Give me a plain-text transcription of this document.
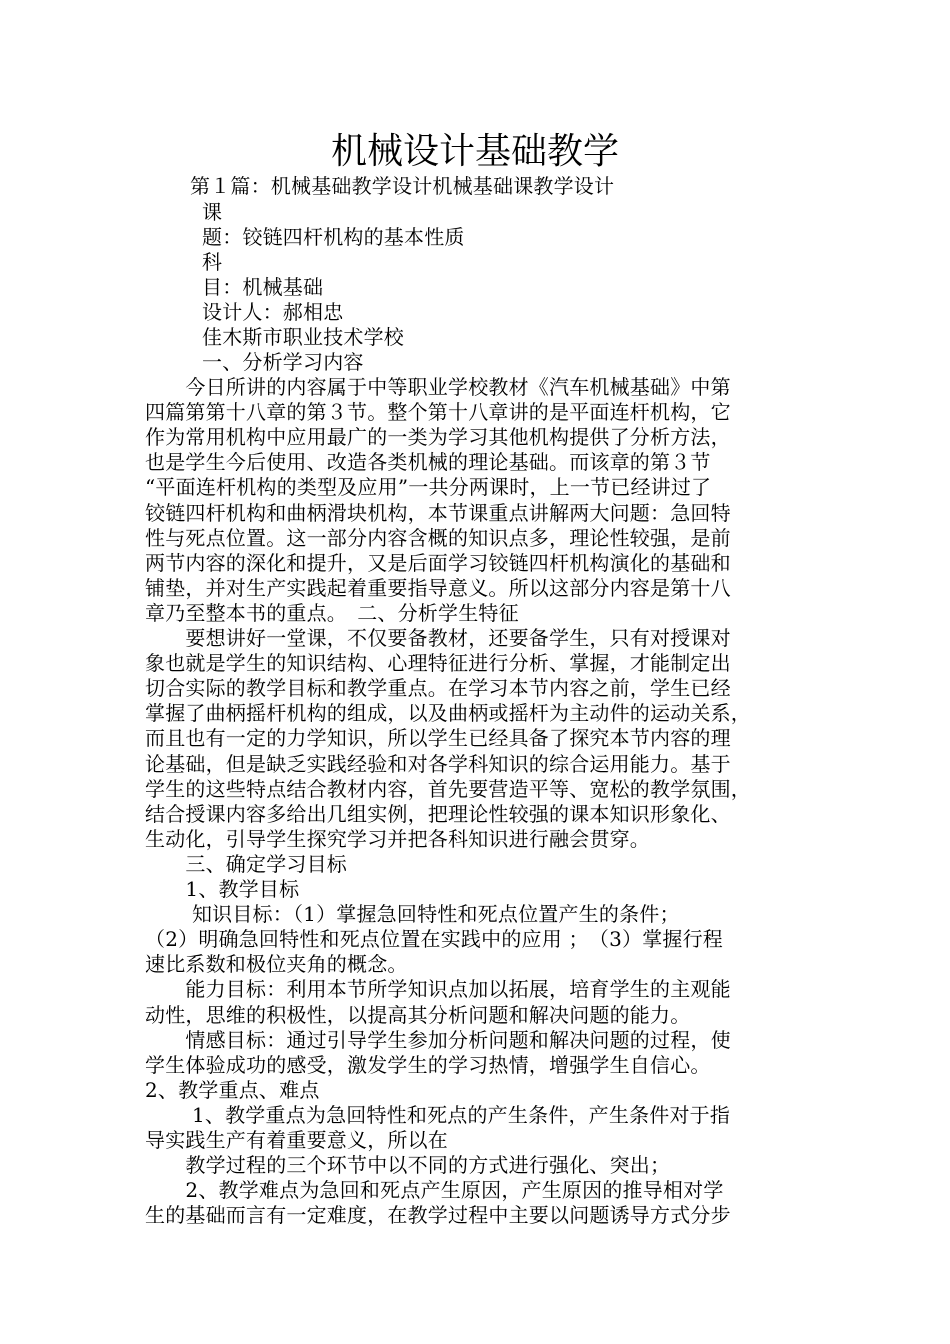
机械设计基础教学
第１篇：机械基础教学设计机械基础课教学设计
课
题：铰链四杆机构的基本性质
科
目：机械基础
设计人：郝相忠
佳木斯市职业技术学校
一、分析学习内容
　　今日所讲的内容属于中等职业学校教材《汽车机械基础》中第
四篇第第十八章的第３节。整个第十八章讲的是平面连杆机构，它
作为常用机构中应用最广的一类为学习其他机构提供了分析方法，
也是学生今后使用、改造各类机械的理论基础。而该章的第３节
“平面连杆机构的类型及应用”一共分两课时，上一节已经讲过了
铰链四杆机构和曲柄滑块机构，本节课重点讲解两大问题：急回特
性与死点位置。这一部分内容含概的知识点多，理论性较强，是前
两节内容的深化和提升，又是后面学习铰链四杆机构演化的基础和
铺垫，并对生产实践起着重要指导意义。所以这部分内容是第十八
章乃至整本书的重点。　二、分析学生特征
　　要想讲好一堂课，不仅要备教材，还要备学生，只有对授课对
象也就是学生的知识结构、心理特征进行分析、掌握，才能制定出
切合实际的教学目标和教学重点。在学习本节内容之前，学生已经
掌握了曲柄摇杆机构的组成，以及曲柄或摇杆为主动件的运动关系，
而且也有一定的力学知识，所以学生已经具备了探究本节内容的理
论基础，但是缺乏实践经验和对各学科知识的综合运用能力。基于
学生的这些特点结合教材内容，首先要营造平等、宽松的教学氛围，
结合授课内容多给出几组实例，把理论性较强的课本知识形象化、
生动化，引导学生探究学习并把各科知识进行融会贯穿。
　　三、确定学习目标
　　1、教学目标
　　 知识目标：（1）掌握急回特性和死点位置产生的条件；
（2）明确急回特性和死点位置在实践中的应用 ；　（3）掌握行程
速比系数和极位夹角的概念。
　　能力目标：利用本节所学知识点加以拓展，培育学生的主观能
动性，思维的积极性，以提高其分析问题和解决问题的能力。
　　情感目标：通过引导学生参加分析问题和解决问题的过程，使
学生体验成功的感受，激发学生的学习热情，增强学生自信心。
2、教学重点、难点
　　 1、教学重点为急回特性和死点的产生条件，产生条件对于指
导实践生产有着重要意义，所以在
　　教学过程的三个环节中以不同的方式进行强化、突出；
　　2、教学难点为急回和死点产生原因，产生原因的推导相对学
生的基础而言有一定难度，在教学过程中主要以问题诱导方式分步
